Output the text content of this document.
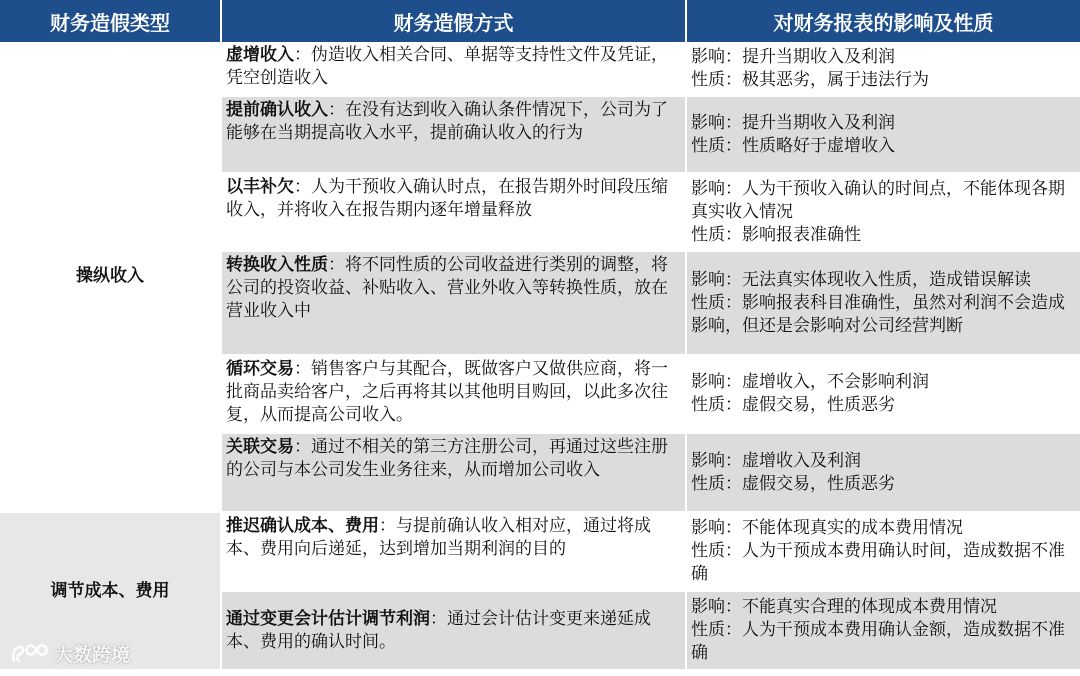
财务造假类型	财务造假方式	对财务报表的影响及性质
操纵收入	虚增收入：伪造收入相关合同、单据等支持性文件及凭证，凭空创造收入	影响：提升当期收入及利润
性质：极其恶劣，属于违法行为

	提前确认收入：在没有达到收入确认条件情况下，公司为了能够在当期提高收入水平，提前确认收入的行为	影响：提升当期收入及利润
性质：性质略好于虚增收入

	以丰补欠：人为干预收入确认时点，在报告期外时间段压缩收入，并将收入在报告期内逐年增量释放	影响：人为干预收入确认的时间点，不能体现各期真实收入情况
性质：影响报表准确性

	转换收入性质：将不同性质的公司收益进行类别的调整，将公司的投资收益、补贴收入、营业外收入等转换性质，放在营业收入中	影响：无法真实体现收入性质，造成错误解读
性质：影响报表科目准确性，虽然对利润不会造成影响，但还是会影响对公司经营判断

	循环交易：销售客户与其配合，既做客户又做供应商，将一批商品卖给客户，之后再将其以其他明目购回，以此多次往复，从而提高公司收入。	影响：虚增收入，不会影响利润
性质：虚假交易，性质恶劣

	关联交易：通过不相关的第三方注册公司，再通过这些注册的公司与本公司发生业务往来，从而增加公司收入	影响：虚增收入及利润
性质：虚假交易，性质恶劣

调节成本、费用	推迟确认成本、费用：与提前确认收入相对应，通过将成本、费用向后递延，达到增加当期利润的目的	影响：不能体现真实的成本费用情况
性质：人为干预成本费用确认时间，造成数据不准确

	通过变更会计估计调节利润：通过会计估计变更来递延成本、费用的确认时间。	影响：不能真实合理的体现成本费用情况
性质：人为干预成本费用确认金额，造成数据不准确
大数跨境
